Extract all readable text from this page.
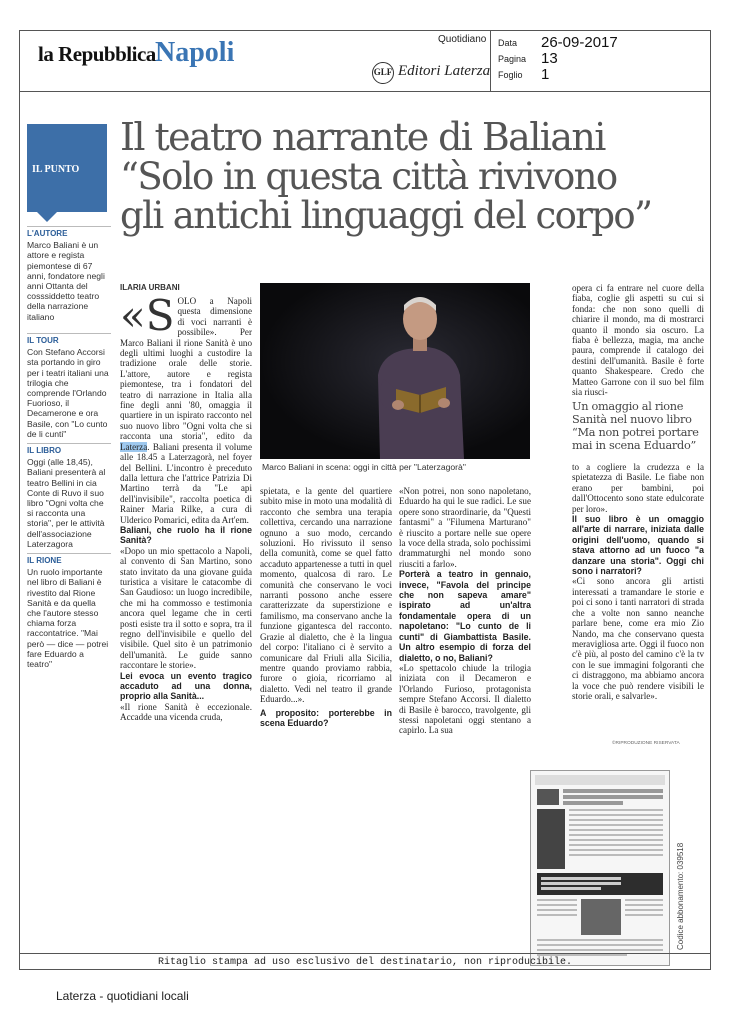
la Repubblica Napoli	Quotidiano
GLF Editori Laterza
Data 26-09-2017
Pagina 13
Foglio 1
IL PUNTO
L'AUTORE
Marco Baliani è un attore e regista piemontese di 67 anni, fondatore negli anni Ottanta del cosssiddetto teatro della narrazione italiano
IL TOUR
Con Stefano Accorsi sta portando in giro per i teatri italiani una trilogia che comprende l'Orlando Fuorioso, il Decamerone e ora Basile, con "Lo cunto de li cunti"
IL LIBRO
Oggi (alle 18,45), Baliani presenterà al teatro Bellini in cia Conte di Ruvo il suo libro "Ogni volta che si racconta una storia", per le attività dell'associazione Laterzagora
IL RIONE
Un ruolo importante nel libro di Baliani è rivestito dal Rione Sanità e da quella che l'autore stesso chiama forza raccontatrice. "Mai però — dice — potrei fare Eduardo a teatro"
Il teatro narrante di Baliani
“Solo in questa città rivivono
gli antichi linguaggi del corpo”
ILARIA URBANI

«SOLO a Napoli questa dimensione di voci narranti è possibile». Per Marco Baliani il rione Sanità è uno degli ultimi luoghi a custodire la tradizione orale delle storie. L'attore, autore e regista piemontese, tra i fondatori del teatro di narrazione in Italia alla fine degli anni '80, omaggia il quartiere in un ispirato racconto nel suo nuovo libro "Ogni volta che si racconta una storia", edito da Laterza. Baliani presenta il volume alle 18.45 a Laterzagorà, nel foyer del Bellini. L'incontro è preceduto dalla lettura che l'attrice Patrizia Di Martino terrà da "Le api dell'invisibile", raccolta poetica di Rainer Maria Rilke, a cura di Ulderico Pomarici, edita da Art'em.

Baliani, che ruolo ha il rione Sanità?

«Dopo un mio spettacolo a Napoli, al convento di San Martino, sono stato invitato da una giovane guida turistica a visitare le catacombe di San Gaudioso: un luogo incredibile, che mi ha commosso e testimonia ancora quel legame che in certi posti esiste tra il sotto e sopra, tra il regno dell'invisibile e quello del visibile. Quel sito è un patrimonio dell'umanità. Le guide sanno raccontare le storie».

Lei evoca un evento tragico accaduto ad una donna, proprio alla Sanità...

«Il rione Sanità è eccezionale. Accadde una vicenda cruda,

Marco Baliani in scena: oggi in città per "Laterzagorà"

spietata, e la gente del quartiere subito mise in moto una modalità di racconto che sembra una terapia collettiva, cercando una narrazione ognuno a suo modo, cercando soluzioni. Ho rivissuto il senso della comunità, come se quel fatto accaduto appartenesse a tutti in quel momento, qualcosa di raro. Le comunità che conservano le voci narranti possono anche essere caratterizzate da superstizione e familismo, ma conservano anche la funzione gigantesca del racconto. Grazie al dialetto, che è la lingua del corpo: l'italiano ci è servito a comunicare dal Friuli alla Sicilia, mentre quando proviamo rabbia, furore o gioia, ricorriamo al dialetto. Vedi nel teatro il grande Eduardo...».

A proposito: porterebbe in scena Eduardo?

«Non potrei, non sono napoletano, Eduardo ha qui le sue radici. Le sue opere sono straordinarie, da "Questi fantasmi" a "Filumena Marturano" è riuscito a portare nelle sue opere la voce della strada, solo pochissimi drammaturghi nel mondo sono riusciti a farlo».

Porterà a teatro in gennaio, invece, "Favola del principe che non sapeva amare" ispirato ad un'altra fondamentale opera di un napoletano: "Lo cunto de li cunti" di Giambattista Basile. Un altro esempio di forza del dialetto, o no, Baliani?

«Lo spettacolo chiude la trilogia iniziata con il Decameron e l'Orlando Furioso, protagonista sempre Stefano Accorsi. Il dialetto di Basile è barocco, travolgente, gli stessi napoletani oggi stentano a capirlo. La sua

opera ci fa entrare nel cuore della fiaba, coglie gli aspetti su cui si fonda: che non sono quelli di chiarire il mondo, ma di mostrarci quanto il mondo sia oscuro. La fiaba è bellezza, magia, ma anche paura, comprende il catalogo dei destini dell'umanità. Basile è forte quanto Shakespeare. Credo che Matteo Garrone con il suo bel film sia riusci-

Un omaggio al rione Sanità nel nuovo libro “Ma non potrei portare mai in scena Eduardo”

to a cogliere la crudezza e la spietatezza di Basile. Le fiabe non erano per bambini, poi dall'Ottocento sono state edulcorate per loro».

Il suo libro è un omaggio all'arte di narrare, iniziata dalle origini dell'uomo, quando si stava attorno ad un fuoco "a danzare una storia". Oggi chi sono i narratori?

«Ci sono ancora gli artisti interessati a tramandare le storie e poi ci sono i tanti narratori di strada che a volte non sanno neanche parlare bene, come era mio Zio Nando, ma che conservano questa meravigliosa arte. Oggi il fuoco non c'è più, al posto del camino c'è la tv con le sue immagini folgoranti che ci distraggono, ma abbiamo ancora la voce che può rendere visibili le storie orali, e salvarle».

©RIPRODUZIONE RISERVATA
Codice abbonamento: 039518
Ritaglio stampa ad uso esclusivo del destinatario, non riproducibile.
Laterza - quotidiani locali
